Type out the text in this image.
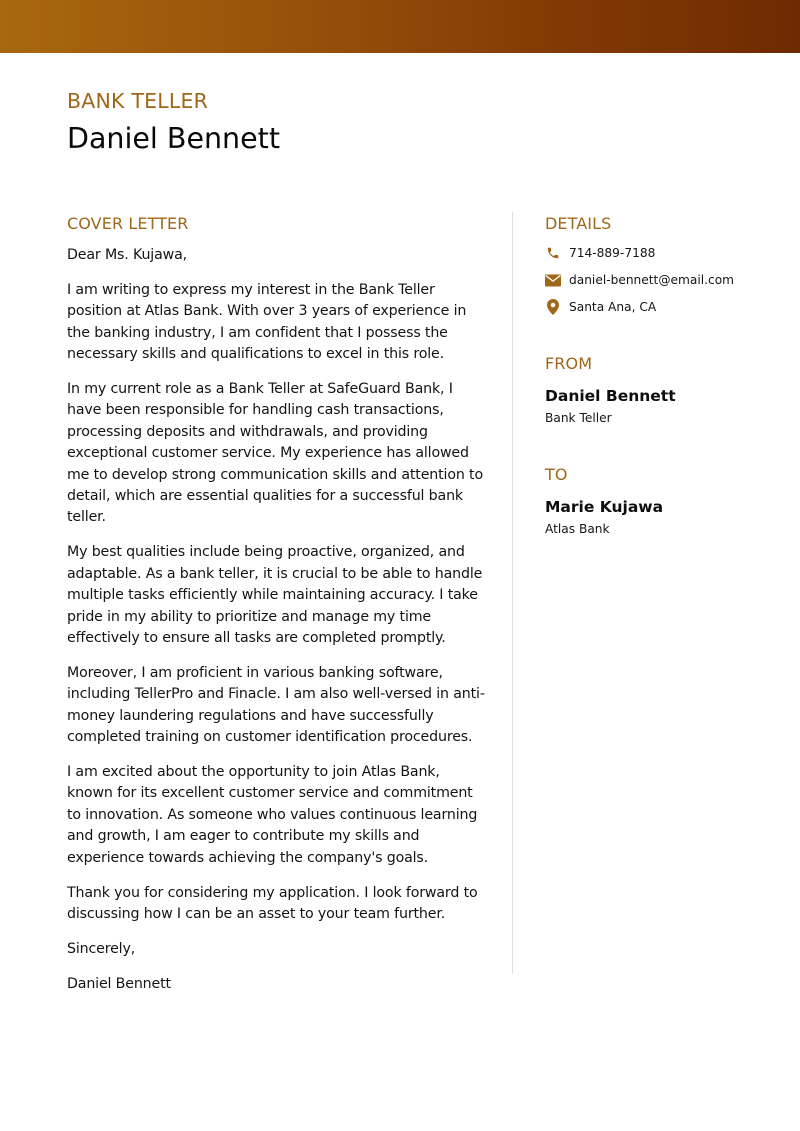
BANK TELLER
Daniel Bennett
COVER LETTER

Dear Ms. Kujawa,

I am writing to express my interest in the Bank Teller position at Atlas Bank. With over 3 years of experience in the banking industry, I am confident that I possess the necessary skills and qualifications to excel in this role.

In my current role as a Bank Teller at SafeGuard Bank, I have been responsible for handling cash transactions, processing deposits and withdrawals, and providing exceptional customer service. My experience has allowed me to develop strong communication skills and attention to detail, which are essential qualities for a successful bank teller.

My best qualities include being proactive, organized, and adaptable. As a bank teller, it is crucial to be able to handle multiple tasks efficiently while maintaining accuracy. I take pride in my ability to prioritize and manage my time effectively to ensure all tasks are completed promptly.

Moreover, I am proficient in various banking software, including TellerPro and Finacle. I am also well-versed in anti-money laundering regulations and have successfully completed training on customer identification procedures.

I am excited about the opportunity to join Atlas Bank, known for its excellent customer service and commitment to innovation. As someone who values continuous learning and growth, I am eager to contribute my skills and experience towards achieving the company's goals.

Thank you for considering my application. I look forward to discussing how I can be an asset to your team further.

Sincerely,

Daniel Bennett

DETAILS
714-889-7188
daniel-bennett@email.com
Santa Ana, CA
FROM
Daniel Bennett
Bank Teller
TO
Marie Kujawa
Atlas Bank
